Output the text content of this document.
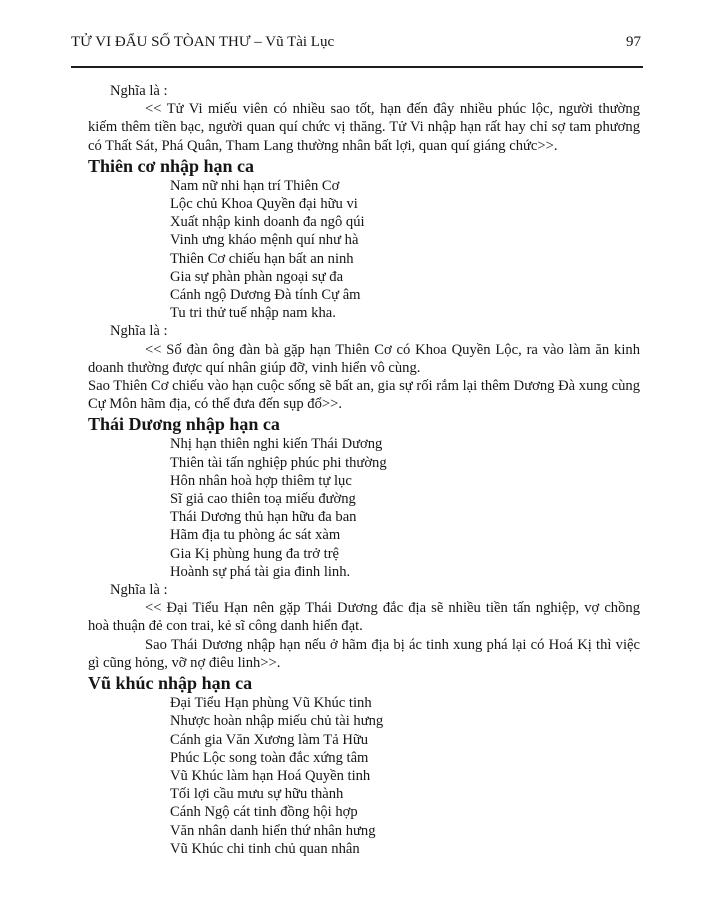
TỬ VI ĐẨU SỐ TÒAN THƯ – Vũ Tài Lục	97
Nghĩa là :
<< Tử Vi miếu viên có nhiều sao tốt, hạn đến đây nhiều phúc lộc, người thường kiếm thêm tiền bạc, người quan quí chức vị thăng. Tử Vi nhập hạn rất hay chỉ sợ tam phương có Thất Sát, Phá Quân, Tham Lang thường nhân bất lợi, quan quí giáng chức>>.
Thiên cơ nhập hạn ca
Nam nữ nhi hạn trí Thiên Cơ
Lộc chủ Khoa Quyền đại hữu vi
Xuất nhập kinh doanh đa ngô qúi
Vinh ưng kháo mệnh quí như hà
Thiên Cơ chiếu hạn bất an ninh
Gia sự phàn phàn ngoại sự đa
Cánh ngộ Dương Đà tính Cự âm
Tu tri thử tuế nhập nam kha.
Nghĩa là :
<< Số đàn ông đàn bà gặp hạn Thiên Cơ có Khoa Quyền Lộc, ra vào làm ăn kinh doanh thường được quí nhân giúp đỡ, vinh hiển vô cùng.
Sao Thiên Cơ chiếu vào hạn cuộc sống sẽ bất an, gia sự rối rắm lại thêm Dương Đà xung cùng Cự Môn hãm địa, có thể đưa đến sụp đổ>>.
Thái Dương nhập hạn ca
Nhị hạn thiên nghi kiến Thái Dương
Thiên tài tấn nghiệp phúc phi thường
Hôn nhân hoà hợp thiêm tự lục
Sĩ giả cao thiên toạ miếu đường
Thái Dương thủ hạn hữu đa ban
Hãm địa tu phòng ác sát xàm
Gia Kị phùng hung đa trở trệ
Hoành sự phá tài gia đinh linh.
Nghĩa là :
<< Đại Tiểu Hạn nên gặp Thái Dương đắc địa sẽ nhiều tiền tấn nghiệp, vợ chồng hoà thuận đẻ con trai, kẻ sĩ công danh hiển đạt.
Sao Thái Dương nhập hạn nếu ở hãm địa bị ác tinh xung phá lại có Hoá Kị thì việc gì cũng hỏng, vỡ nợ điêu linh>>.
Vũ khúc nhập hạn ca
Đại Tiểu Hạn phùng Vũ Khúc tinh
Nhược hoàn nhập miếu chủ tài hưng
Cánh gia Văn Xương làm Tả Hữu
Phúc Lộc song toàn đắc xứng tâm
Vũ Khúc làm hạn Hoá Quyền tinh
Tối lợi cầu mưu sự hữu thành
Cánh Ngộ cát tinh đồng hội hợp
Văn nhân danh hiển thứ nhân hưng
Vũ Khúc chi tinh chủ quan nhân
